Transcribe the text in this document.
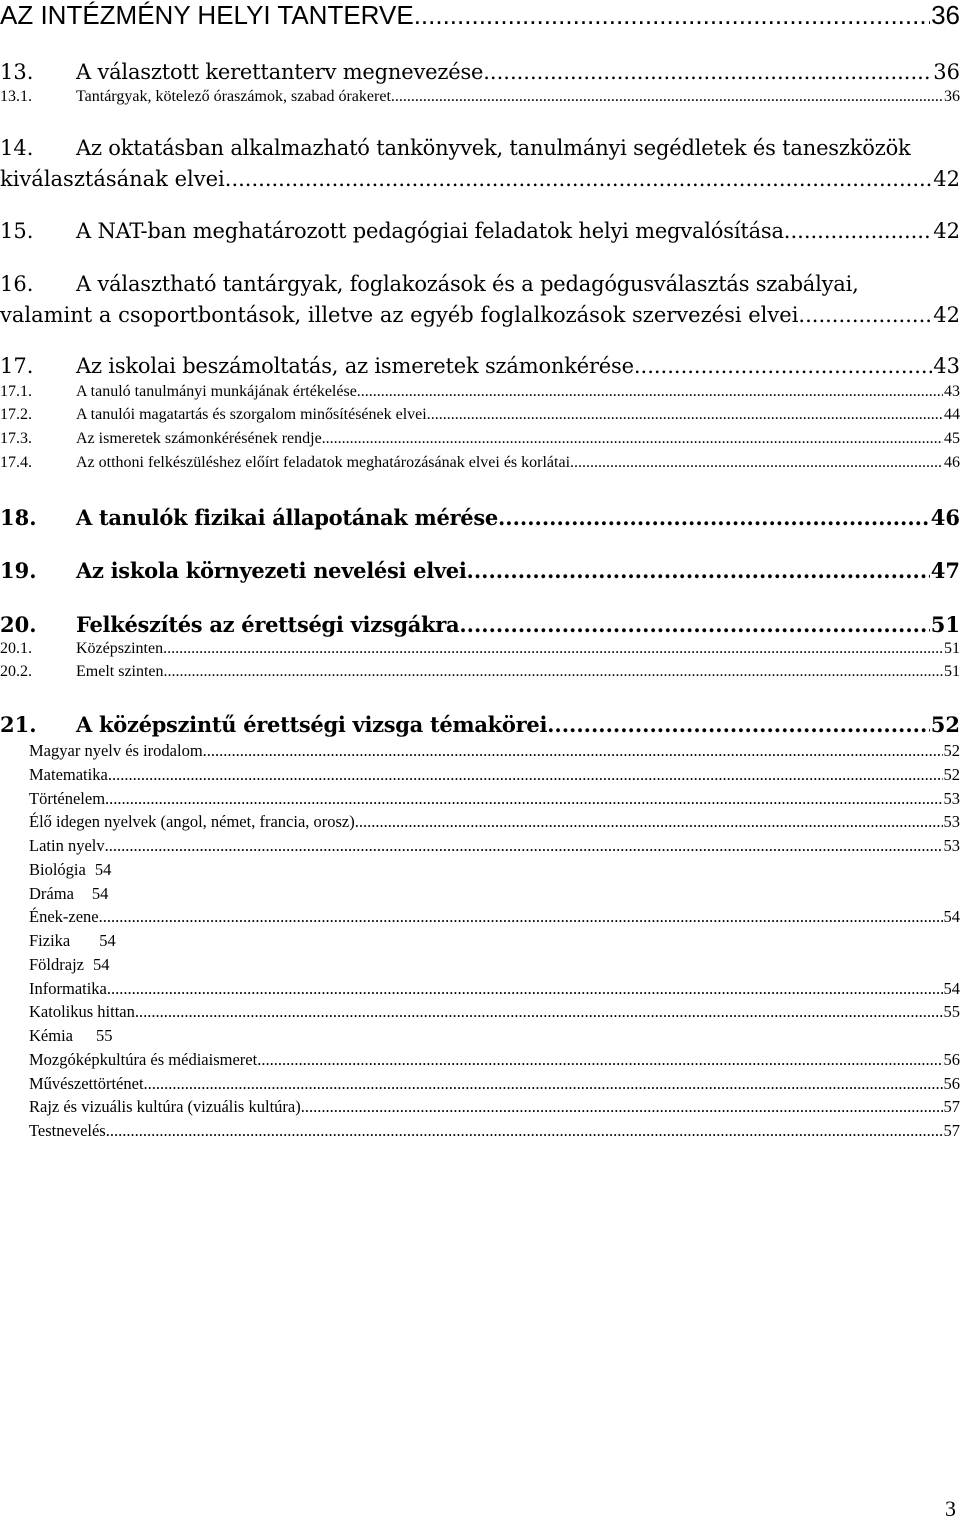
AZ INTÉZMÉNY HELYI TANTERVE .....	36
13.	A választott kerettanterv megnevezése .....	36
13.1.	Tantárgyak, kötelező óraszámok, szabad órakeret. .....	36
14.	Az oktatásban alkalmazható tankönyvek, tanulmányi segédletek és taneszközök
kiválasztásának elvei .....	42
15.	A NAT-ban meghatározott pedagógiai feladatok helyi megvalósítása .....	42
16.	A választható tantárgyak, foglakozások és a pedagógusválasztás szabályai,
valamint a csoportbontások, illetve az egyéb foglalkozások szervezési elvei .....	42
17.	Az iskolai beszámoltatás, az ismeretek számonkérése .....	43
17.1.	A tanuló tanulmányi munkájának értékelése .....	43
17.2.	A tanulói magatartás és szorgalom minősítésének elvei .....	44
17.3.	Az ismeretek számonkérésének rendje .....	45
17.4.	Az otthoni felkészüléshez előírt feladatok meghatározásának elvei és korlátai .....	46
18.	A tanulók fizikai állapotának mérése .....	46
19.	Az iskola környezeti nevelési elvei .....	47
20.	Felkészítés az érettségi vizsgákra .....	51
20.1.	Középszinten .....	51
20.2.	Emelt szinten .....	51
21.	A középszintű érettségi vizsga témakörei .....	52
Magyar nyelv és irodalom .....	52
Matematika .....	52
Történelem .....	53
Élő idegen nyelvek (angol, német, francia, orosz) .....	53
Latin nyelv .....	53
Biológia 54
Dráma 54
Ének-zene .....	54
Fizika 54
Földrajz 54
Informatika .....	54
Katolikus hittan .....	55
Kémia 55
Mozgóképkultúra és médiaismeret .....	56
Művészettörténet .....	56
Rajz és vizuális kultúra (vizuális kultúra) .....	57
Testnevelés .....	57
3
